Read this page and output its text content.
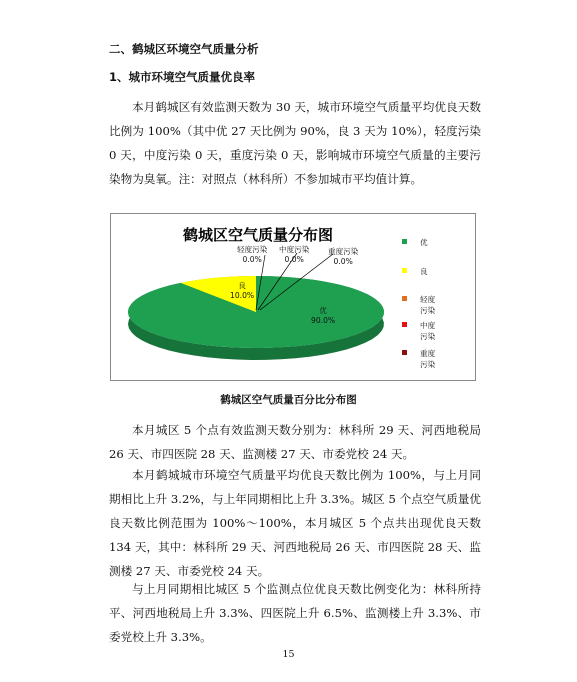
二、鹤城区环境空气质量分析
1、城市环境空气质量优良率

本月鹤城区有效监测天数为 30 天，城市环境空气质量平均优良天数比例为 100%（其中优 27 天比例为 90%，良 3 天为 10%），轻度污染 0 天，中度污染 0 天，重度污染 0 天，影响城市环境空气质量的主要污染物为臭氧。注：对照点（林科所）不参加城市平均值计算。

鹤城区空气质量分布图
优
90.0%
良
10.0%
轻度污染
0.0%
中度污染
0.0%
重度污染
0.0%
优
良
轻度
污染
中度
污染
重度
污染
鹤城区空气质量百分比分布图

本月城区 5 个点有效监测天数分别为：林科所 29 天、河西地税局 26 天、市四医院 28 天、监测楼 27 天、市委党校 24 天。

本月鹤城城市环境空气质量平均优良天数比例为 100%，与上月同期相比上升 3.2%，与上年同期相比上升 3.3%。城区 5 个点空气质量优良天数比例范围为 100%～100%，本月城区 5 个点共出现优良天数 134 天，其中：林科所 29 天、河西地税局 26 天、市四医院 28 天、监测楼 27 天、市委党校 24 天。

与上月同期相比城区 5 个监测点位优良天数比例变化为：林科所持平、河西地税局上升 3.3%、四医院上升 6.5%、监测楼上升 3.3%、市委党校上升 3.3%。

15
